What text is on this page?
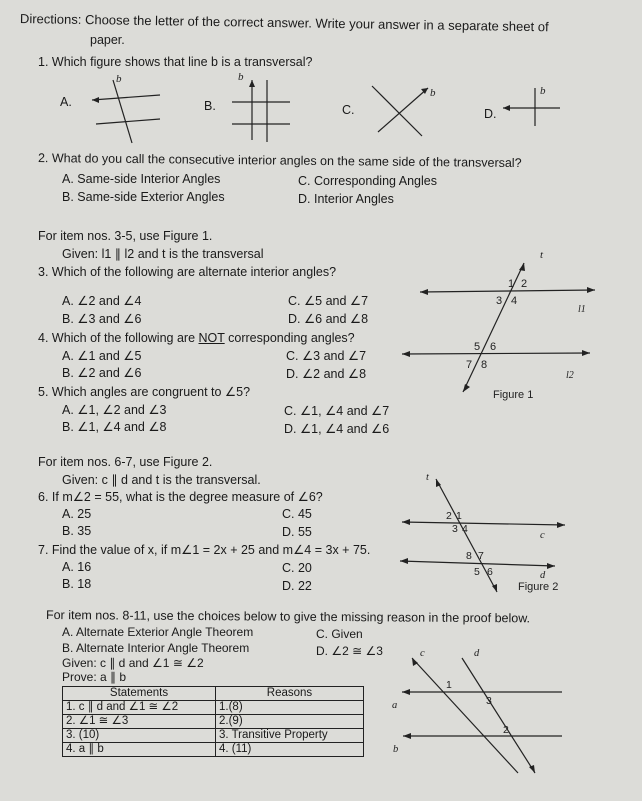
Directions: Choose the letter of the correct answer. Write your answer in a separate sheet of
paper.
1. Which figure shows that line b is a transversal?
A.	B.	C.	D.
b	b
b	b
2. What do you call the consecutive interior angles on the same side of the transversal?
A. Same-side Interior Angles
B. Same-side Exterior Angles
C. Corresponding Angles
D. Interior Angles
For item nos. 3-5, use Figure 1.
Given: l1 ∥ l2 and t is the transversal
3. Which of the following are alternate interior angles?
A. ∠2 and ∠4
B. ∠3 and ∠6
C. ∠5 and ∠7
D. ∠6 and ∠8
4. Which of the following are NOT corresponding angles?
A. ∠1 and ∠5
B. ∠2 and ∠6
C. ∠3 and ∠7
D. ∠2 and ∠8
5. Which angles are congruent to ∠5?
A. ∠1, ∠2 and ∠3
B. ∠1, ∠4 and ∠8
C. ∠1, ∠4 and ∠7
D. ∠1, ∠4 and ∠6
t
l1
l2
1 2
3 4
5 6
7 8
Figure 1
For item nos. 6-7, use Figure 2.
Given: c ∥ d and t is the transversal.
6. If m∠2 = 55, what is the degree measure of ∠6?
A. 25
B. 35
C. 45
D. 55
7. Find the value of x, if m∠1 = 2x + 25 and m∠4 = 3x + 75.
A. 16
B. 18
C. 20
D. 22
t
c
d
2 1
3 4
8 7
5 6
Figure 2
For item nos. 8-11, use the choices below to give the missing reason in the proof below.
A. Alternate Exterior Angle Theorem
B. Alternate Interior Angle Theorem
C. Given
D. ∠2 ≅ ∠3
Given: c ∥ d and ∠1 ≅ ∠2
Prove: a ∥ b
Statements	Reasons
1. c ∥ d and ∠1 ≅ ∠2	1.(8)
2. ∠1 ≅ ∠3	2.(9)
3. (10)	3. Transitive Property
4. a ∥ b	4. (11)
c	d
a
b
1
3
2
